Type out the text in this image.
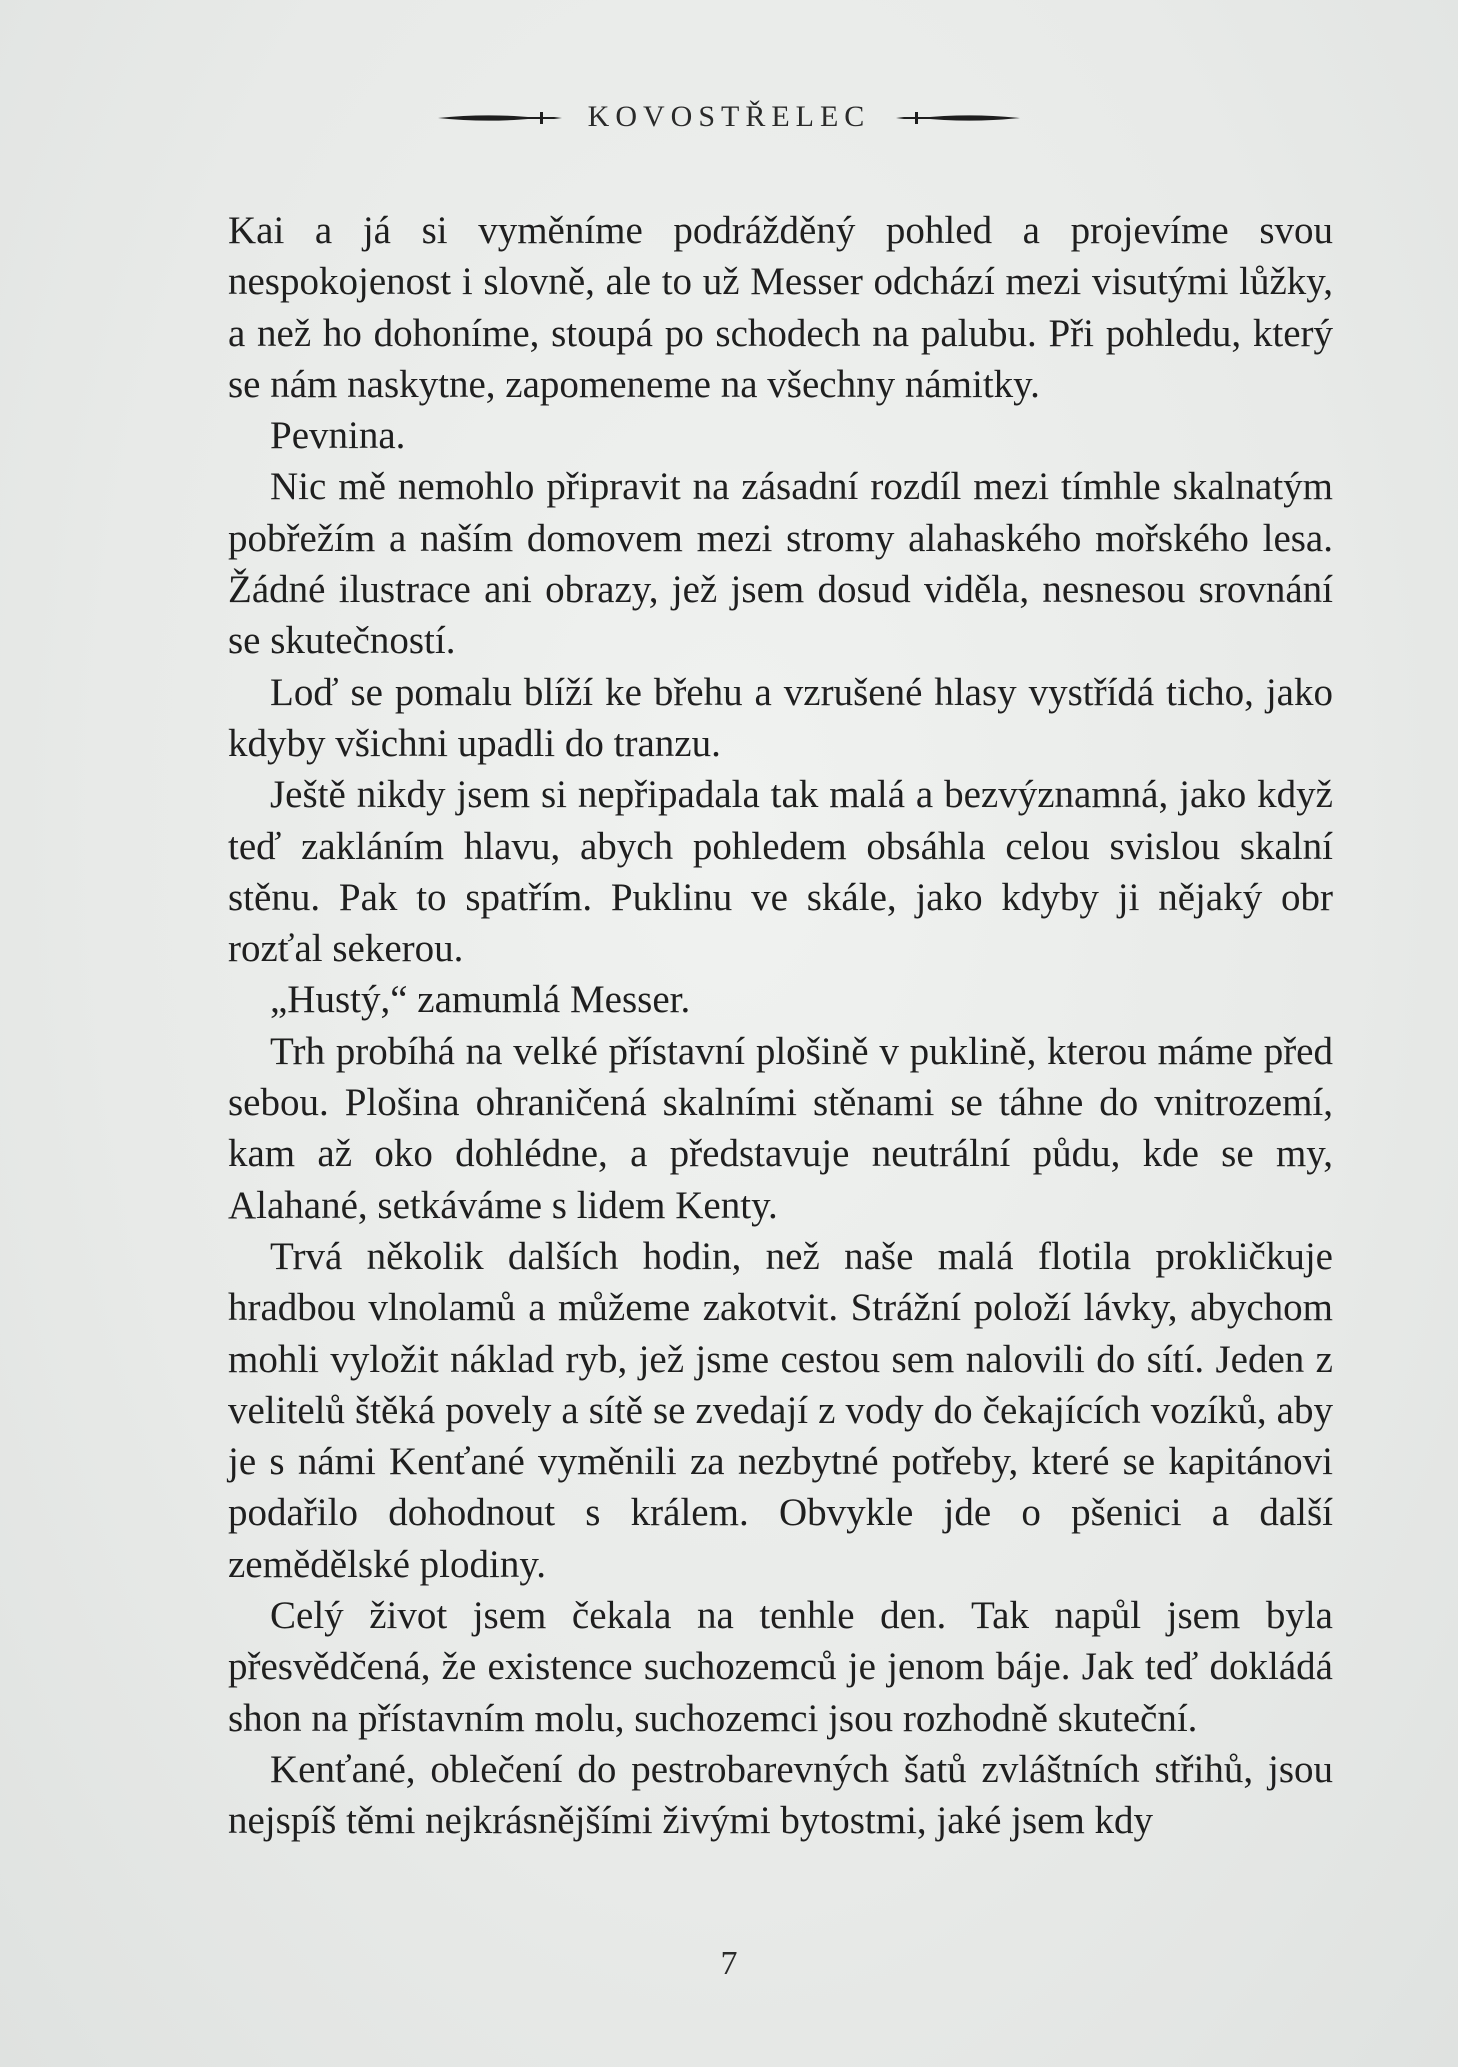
KOVOSTŘELEC

Kai a já si vyměníme podrážděný pohled a projevíme svou nespokojenost i slovně, ale to už Messer odchází mezi visutými lůžky, a než ho dohoníme, stoupá po schodech na palubu. Při pohledu, který se nám naskytne, zapomeneme na všechny námitky.

Pevnina.

Nic mě nemohlo připravit na zásadní rozdíl mezi tímhle skalnatým pobřežím a naším domovem mezi stromy alahaského mořského lesa. Žádné ilustrace ani obrazy, jež jsem dosud viděla, nesnesou srovnání se skutečností.

Loď se pomalu blíží ke břehu a vzrušené hlasy vystřídá ticho, jako kdyby všichni upadli do tranzu.

Ještě nikdy jsem si nepřipadala tak malá a bezvýznamná, jako když teď zakláním hlavu, abych pohledem obsáhla celou svislou skalní stěnu. Pak to spatřím. Puklinu ve skále, jako kdyby ji nějaký obr rozťal sekerou.

„Hustý,“ zamumlá Messer.

Trh probíhá na velké přístavní plošině v puklině, kterou máme před sebou. Plošina ohraničená skalními stěnami se táhne do vnitrozemí, kam až oko dohlédne, a představuje neutrální půdu, kde se my, Alahané, setkáváme s lidem Kenty.

Trvá několik dalších hodin, než naše malá flotila prokličkuje hradbou vlnolamů a můžeme zakotvit. Strážní položí lávky, abychom mohli vyložit náklad ryb, jež jsme cestou sem nalovili do sítí. Jeden z velitelů štěká povely a sítě se zvedají z vody do čekajících vozíků, aby je s námi Kenťané vyměnili za nezbytné potřeby, které se kapitánovi podařilo dohodnout s králem. Obvykle jde o pšenici a další zemědělské plodiny.

Celý život jsem čekala na tenhle den. Tak napůl jsem byla přesvědčená, že existence suchozemců je jenom báje. Jak teď dokládá shon na přístavním molu, suchozemci jsou rozhodně skuteční.

Kenťané, oblečení do pestrobarevných šatů zvláštních střihů, jsou nejspíš těmi nejkrásnějšími živými bytostmi, jaké jsem kdy

7
